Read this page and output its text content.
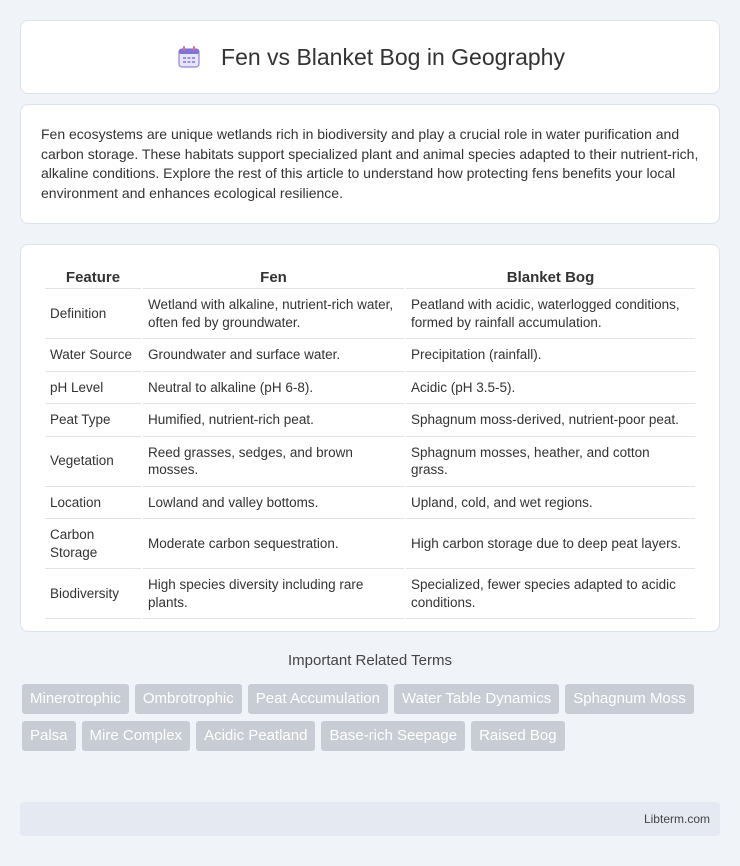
Fen vs Blanket Bog in Geography

Fen ecosystems are unique wetlands rich in biodiversity and play a crucial role in water purification and carbon storage. These habitats support specialized plant and animal species adapted to their nutrient-rich, alkaline conditions. Explore the rest of this article to understand how protecting fens benefits your local environment and enhances ecological resilience.

Feature	Fen	Blanket Bog
Definition	Wetland with alkaline, nutrient-rich water, often fed by groundwater.	Peatland with acidic, waterlogged conditions, formed by rainfall accumulation.
Water Source	Groundwater and surface water.	Precipitation (rainfall).
pH Level	Neutral to alkaline (pH 6-8).	Acidic (pH 3.5-5).
Peat Type	Humified, nutrient-rich peat.	Sphagnum moss-derived, nutrient-poor peat.
Vegetation	Reed grasses, sedges, and brown mosses.	Sphagnum mosses, heather, and cotton grass.
Location	Lowland and valley bottoms.	Upland, cold, and wet regions.
Carbon Storage	Moderate carbon sequestration.	High carbon storage due to deep peat layers.
Biodiversity	High species diversity including rare plants.	Specialized, fewer species adapted to acidic conditions.
Important Related Terms
Minerotrophic	Ombrotrophic	Peat Accumulation	Water Table Dynamics	Sphagnum Moss
Palsa	Mire Complex	Acidic Peatland	Base-rich Seepage	Raised Bog
Libterm.com
